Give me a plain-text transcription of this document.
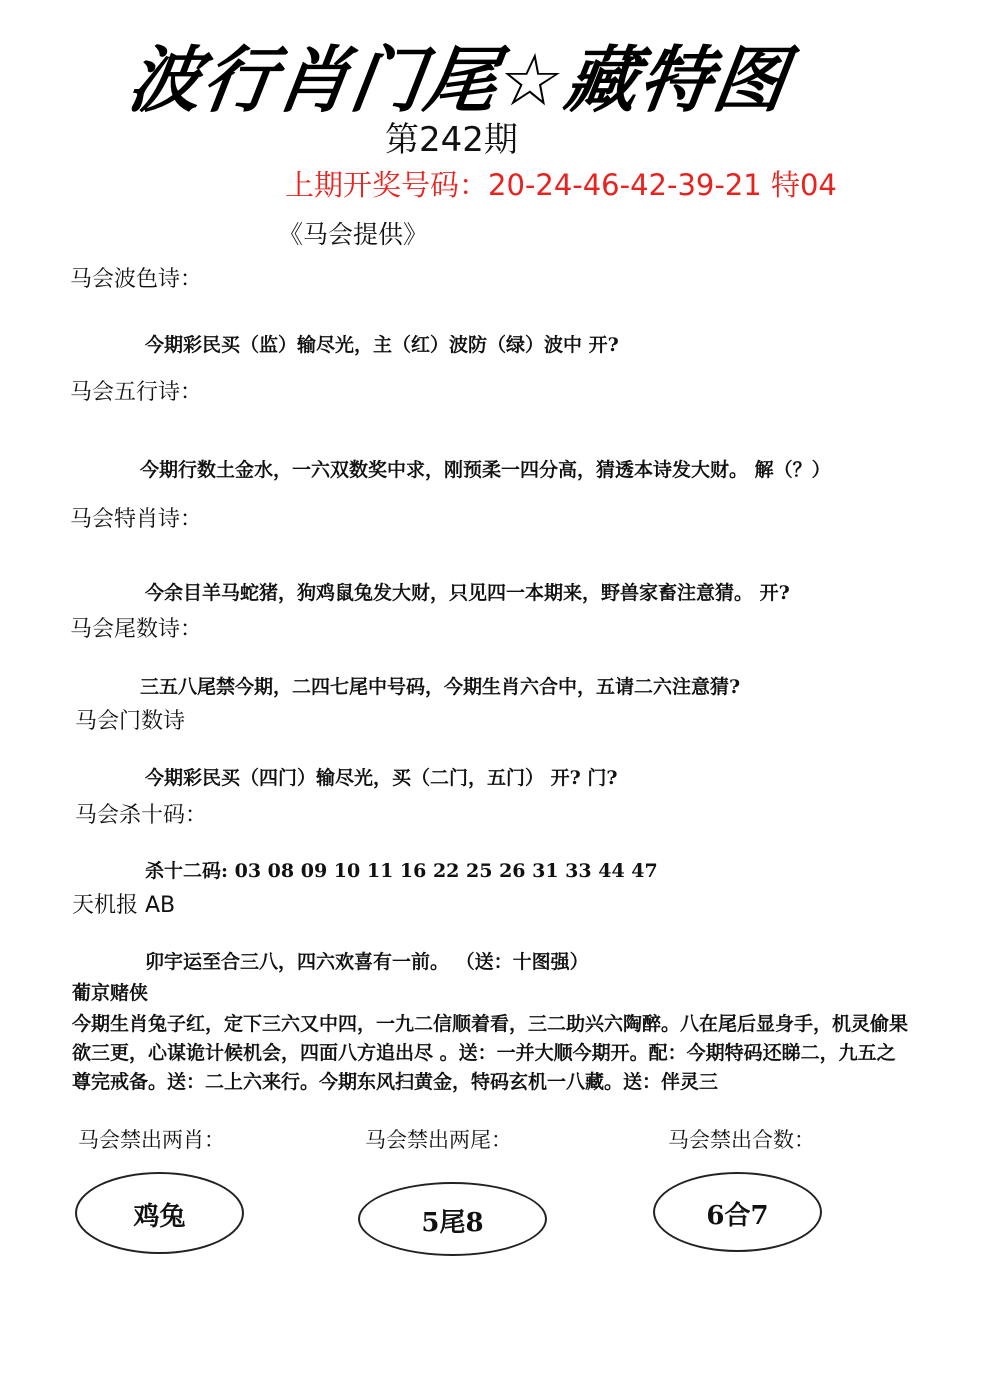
波行肖门尾☆藏特图
第242期
上期开奖号码：20-24-46-42-39-21 特04
《马会提供》
马会波色诗：
今期彩民买（监）输尽光，主（红）波防（绿）波中 开?
马会五行诗：
今期行数土金水，一六双数奖中求，刚预柔一四分高，猜透本诗发大财。 解（？）
马会特肖诗：
今余目羊马蛇猪，狗鸡鼠兔发大财，只见四一本期来，野兽家畜注意猜。 开?
马会尾数诗：
三五八尾禁今期，二四七尾中号码，今期生肖六合中，五请二六注意猜?
马会门数诗
今期彩民买（四门）输尽光，买（二门，五门） 开? 门?
马会杀十码：
杀十二码: 03 08 09 10 11 16 22 25 26 31 33 44 47
天机报 AB
卯宇运至合三八，四六欢喜有一前。 （送：十图强）
葡京赌侠
今期生肖兔子红，定下三六又中四，一九二信顺着看，三二助兴六陶醉。八在尾后显身手，机灵偷果欲三更，心谋诡计候机会，四面八方追出尽 。送：一并大顺今期开。配：今期特码还睇二，九五之尊完戒备。送：二上六来行。今期东风扫黄金，特码玄机一八藏。送：伴灵三
马会禁出两肖：	马会禁出两尾：	马会禁出合数：
鸡兔	5尾8	6合7
